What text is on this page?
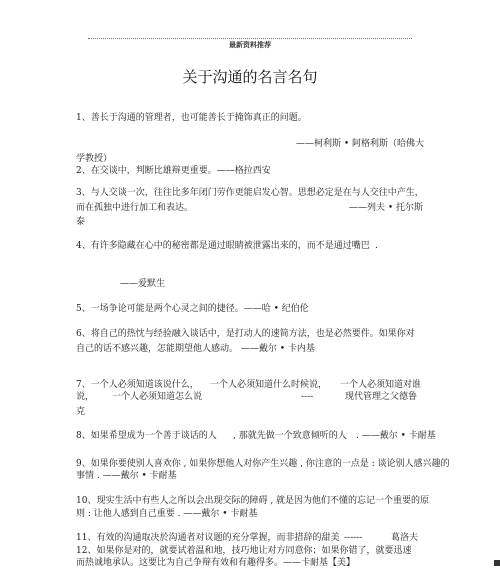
最新资料推荐
关于沟通的名言名句
1、善长于沟通的管理者，也可能善长于掩饰真正的问题。
——柯利斯 • 阿格利斯（哈佛大
学教授）
2、在交谈中，判断比雄辩更重要。——格拉西安
3、与人交谈一次，往往比多年闭门劳作更能启发心智。思想必定是在与人交往中产生，
而在孤独中进行加工和表达。	——列夫 • 托尔斯
泰
4、有许多隐藏在心中的秘密都是通过眼睛被泄露出来的，而不是通过嘴巴 .
——爱默生
5、一场争论可能是两个心灵之间的捷径。——哈 • 纪伯伦
6、将自己的热忱与经验融入谈话中，是打动人的速简方法，也是必然要件。如果你对
自己的话不感兴趣，怎能期望他人感动。 ——戴尔 • 卡内基
7、一个人必须知道该说什么， 一个人必须知道什么时候说， 一个人必须知道对谁
说， 一个人必须知道怎么说	----	现代管理之父德鲁
克
8、如果希望成为一个善于谈话的人 , 那就先做一个致意倾听的人 . ——戴尔 • 卡耐基
9、如果你要使别人喜欢你 , 如果你想他人对你产生兴趣 , 你注意的一点是 : 谈论别人感兴趣的
事情 . ——戴尔 • 卡耐基
10、现实生活中有些人之所以会出现交际的障碍 , 就是因为他们不懂的忘记一个重要的原
则 : 让他人感到自己重要 . ——戴尔 • 卡耐基
11、有效的沟通取决於沟通者对议题的充分掌握，而非措辞的甜美 ------	葛洛夫
12、如果你是对的，就要试着温和地，技巧地让对方同意你；如果你错了，就要迅速
而热诚地承认。这要比为自己争辩有效和有趣得多。——卡耐基【美】
